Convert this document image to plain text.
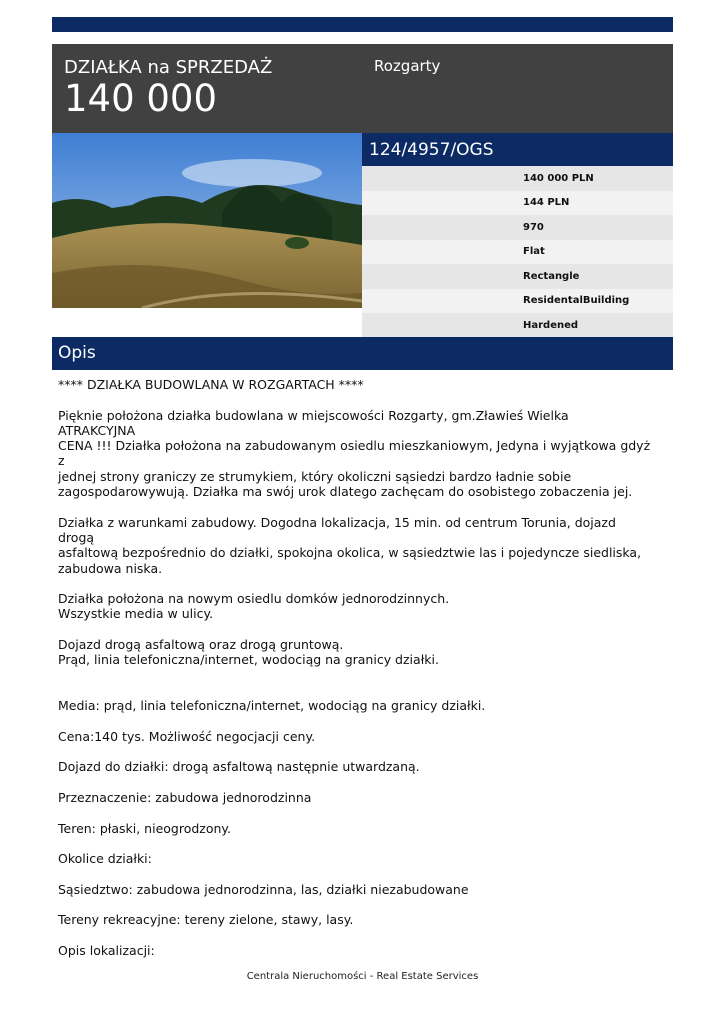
DZIAŁKA na SPRZEDAŻ
140 000
Rozgarty
124/4957/OGS
140 000 PLN
144 PLN
970
Flat
Rectangle
ResidentalBuilding
Hardened
Opis

**** DZIAŁKA BUDOWLANA W ROZGARTACH ****

Pięknie położona działka budowlana w miejscowości Rozgarty, gm.Zławieś Wielka  ATRAKCYJNA

CENA !!! Działka położona na zabudowanym osiedlu mieszkaniowym, Jedyna i wyjątkowa gdyż z

jednej strony graniczy ze strumykiem, który okoliczni sąsiedzi bardzo ładnie sobie

zagospodarowywują. Działka ma swój urok dlatego zachęcam do osobistego zobaczenia jej.

Działka z warunkami zabudowy. Dogodna lokalizacja, 15 min. od centrum Torunia, dojazd drogą

asfaltową bezpośrednio do działki, spokojna okolica, w sąsiedztwie las i pojedyncze siedliska,

zabudowa niska.

Działka położona na nowym osiedlu domków jednorodzinnych.

Wszystkie media w ulicy.

Dojazd drogą asfaltową oraz drogą gruntową.

Prąd, linia telefoniczna/internet, wodociąg na granicy działki.

Media: prąd, linia telefoniczna/internet, wodociąg na granicy działki.

Cena:140 tys. Możliwość negocjacji ceny.

Dojazd do działki: drogą asfaltową następnie utwardzaną.

Przeznaczenie: zabudowa jednorodzinna

Teren: płaski, nieogrodzony.

Okolice działki:

Sąsiedztwo: zabudowa jednorodzinna, las, działki niezabudowane

Tereny rekreacyjne: tereny zielone, stawy, lasy.

Opis lokalizacji:

Centrala Nieruchomości - Real Estate Services
